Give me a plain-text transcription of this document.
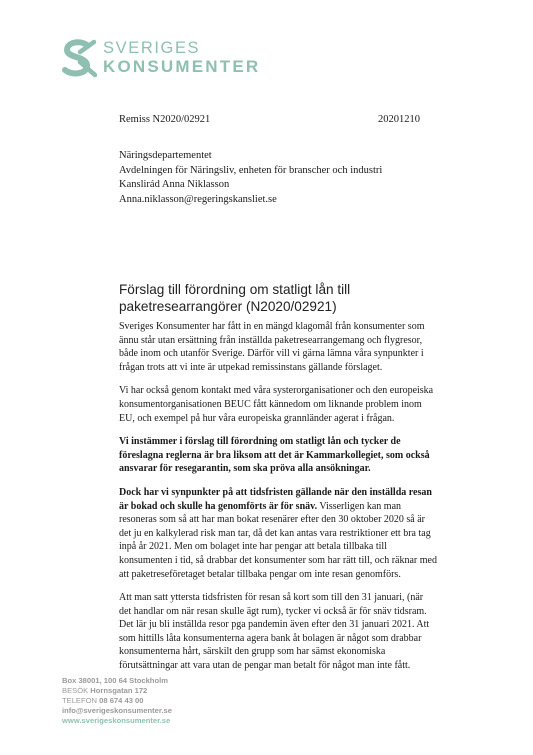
SVERIGES
KONSUMENTER
Remiss N2020/02921	20201210
Näringsdepartementet
Avdelningen för Näringsliv, enheten för branscher och industri
Kanslirád Anna Niklasson
Anna.niklasson@regeringskansliet.se
Förslag till förordning om statligt lån till paketresearrangörer (N2020/02921)

Sveriges Konsumenter har fått in en mängd klagomål från konsumenter som ännu står utan ersättning från inställda paketresearrangemang och flygresor, både inom och utanför Sverige. Därför vill vi gärna lämna våra synpunkter i frågan trots att vi inte är utpekad remissinstans gällande förslaget.

Vi har också genom kontakt med våra systerorganisationer och den europeiska konsumentorganisationen BEUC fått kännedom om liknande problem inom EU, och exempel på hur våra europeiska grannländer agerat i frågan.

Vi instämmer i förslag till förordning om statligt lån och tycker de föreslagna reglerna är bra liksom att det är Kammarkollegiet, som också ansvarar för resegarantin, som ska pröva alla ansökningar.

Dock har vi synpunkter på att tidsfristen gällande när den inställda resan är bokad och skulle ha genomförts är för snäv. Visserligen kan man resoneras som så att har man bokat resenärer efter den 30 oktober 2020 så är det ju en kalkylerad risk man tar, då det kan antas vara restriktioner ett bra tag inpå år 2021. Men om bolaget inte har pengar att betala tillbaka till konsumenten i tid, så drabbar det konsumenter som har rätt till, och räknar med att paketreseföretaget betalar tillbaka pengar om inte resan genomförs.

Att man satt yttersta tidsfristen för resan så kort som till den 31 januari, (när det handlar om när resan skulle ägt rum), tycker vi också är för snäv tidsram. Det lär ju bli inställda resor pga pandemin även efter den 31 januari 2021. Att som hittills låta konsumenterna agera bank åt bolagen är något som drabbar konsumenterna hårt, särskilt den grupp som har sämst ekonomiska förutsättningar att vara utan de pengar man betalt för något man inte fått.

Box 38001, 100 64 Stockholm
BESÖK Hornsgatan 172
TELEFON 08 674 43 00
info@sverigeskonsumenter.se
www.sverigeskonsumenter.se
